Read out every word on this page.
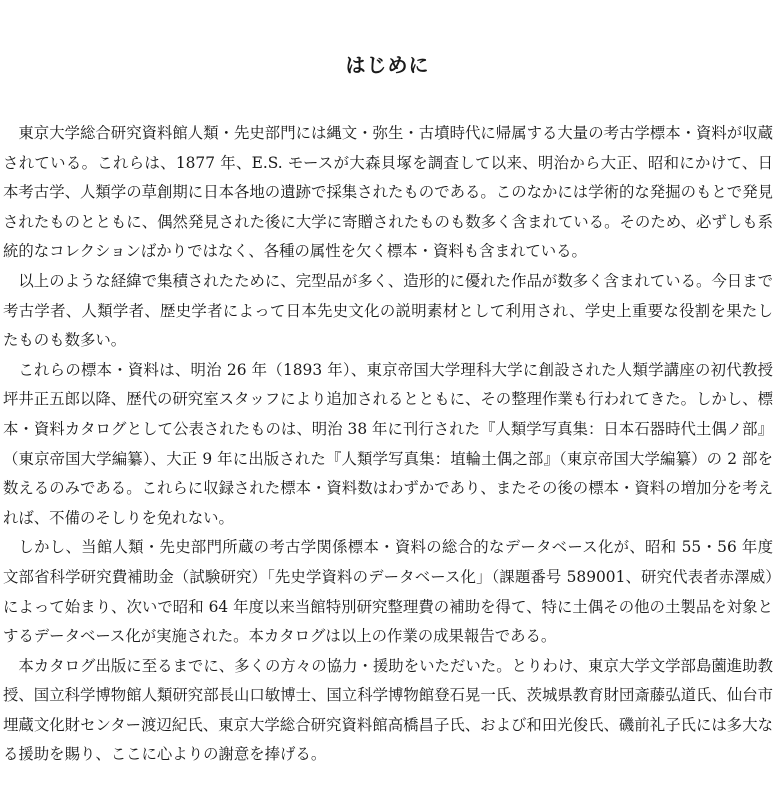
はじめに

東京大学総合研究資料館人類・先史部門には縄文・弥生・古墳時代に帰属する大量の考古学標本・資料が収蔵されている。これらは、1877 年、E.S. モースが大森貝塚を調査して以来、明治から大正、昭和にかけて、日本考古学、人類学の草創期に日本各地の遺跡で採集されたものである。このなかには学術的な発掘のもとで発見されたものとともに、偶然発見された後に大学に寄贈されたものも数多く含まれている。そのため、必ずしも系統的なコレクションばかりではなく、各種の属性を欠く標本・資料も含まれている。

以上のような経緯で集積されたために、完型品が多く、造形的に優れた作品が数多く含まれている。今日まで考古学者、人類学者、歴史学者によって日本先史文化の説明素材として利用され、学史上重要な役割を果たしたものも数多い。

これらの標本・資料は、明治 26 年（1893 年）、東京帝国大学理科大学に創設された人類学講座の初代教授坪井正五郎以降、歴代の研究室スタッフにより追加されるとともに、その整理作業も行われてきた。しかし、標本・資料カタログとして公表されたものは、明治 38 年に刊行された『人類学写真集：日本石器時代土偶ノ部』（東京帝国大学編纂）、大正 9 年に出版された『人類学写真集：埴輪土偶之部』（東京帝国大学編纂）の 2 部を数えるのみである。これらに収録された標本・資料数はわずかであり、またその後の標本・資料の増加分を考えれば、不備のそしりを免れない。

しかし、当館人類・先史部門所蔵の考古学関係標本・資料の総合的なデータベース化が、昭和 55・56 年度文部省科学研究費補助金（試験研究）「先史学資料のデータベース化」（課題番号 589001、研究代表者赤澤威）によって始まり、次いで昭和 64 年度以来当館特別研究整理費の補助を得て、特に土偶その他の土製品を対象とするデータベース化が実施された。本カタログは以上の作業の成果報告である。

本カタログ出版に至るまでに、多くの方々の協力・援助をいただいた。とりわけ、東京大学文学部島薗進助教授、国立科学博物館人類研究部長山口敏博士、国立科学博物館登石晃一氏、茨城県教育財団斎藤弘道氏、仙台市埋蔵文化財センター渡辺紀氏、東京大学総合研究資料館高橋昌子氏、および和田光俊氏、磯前礼子氏には多大なる援助を賜り、ここに心よりの謝意を捧げる。
